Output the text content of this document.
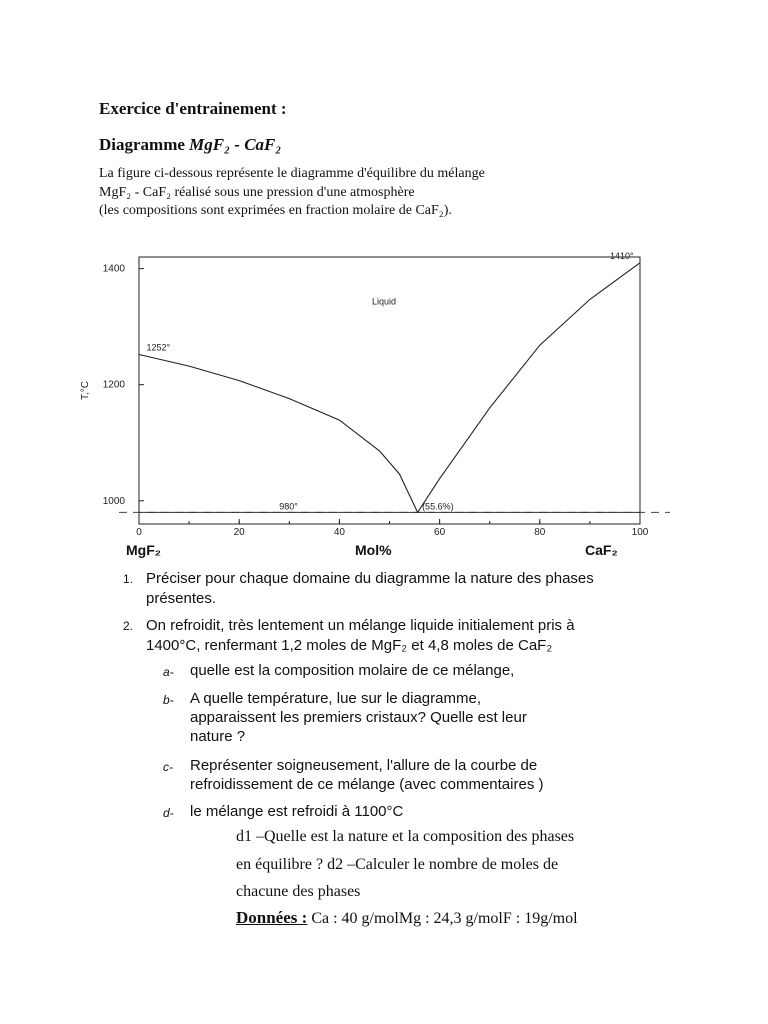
Exercice d'entrainement :
Diagramme MgF₂ - CaF₂
La figure ci-dessous représente le diagramme d'équilibre du mélange
MgF₂ - CaF₂ réalisé sous une pression d'une atmosphère
(les compositions sont exprimées en fraction molaire de CaF₂).
0	20	40	60	80	100
1000
1200
1400
Liquid
1252°
1410°
980°	(55.6%)
T,°C
MgF₂	Mol%	CaF₂
1. Préciser pour chaque domaine du diagramme la nature des phases
présentes.
2. On refroidit, très lentement un mélange liquide initialement pris à
1400°C, renfermant 1,2 moles de MgF₂ et 4,8 moles de CaF₂
a- quelle est la composition molaire de ce mélange,
b- A quelle température, lue sur le diagramme,
apparaissent les premiers cristaux? Quelle est leur
nature ?
c- Représenter soigneusement, l'allure de la courbe de
refroidissement de ce mélange (avec commentaires )
d- le mélange est refroidi à 1100°C
d1 –Quelle est la nature et la composition des phases
en équilibre ? d2 –Calculer le nombre de moles de
chacune des phases
Données : Ca : 40 g/molMg : 24,3 g/molF : 19g/mol
